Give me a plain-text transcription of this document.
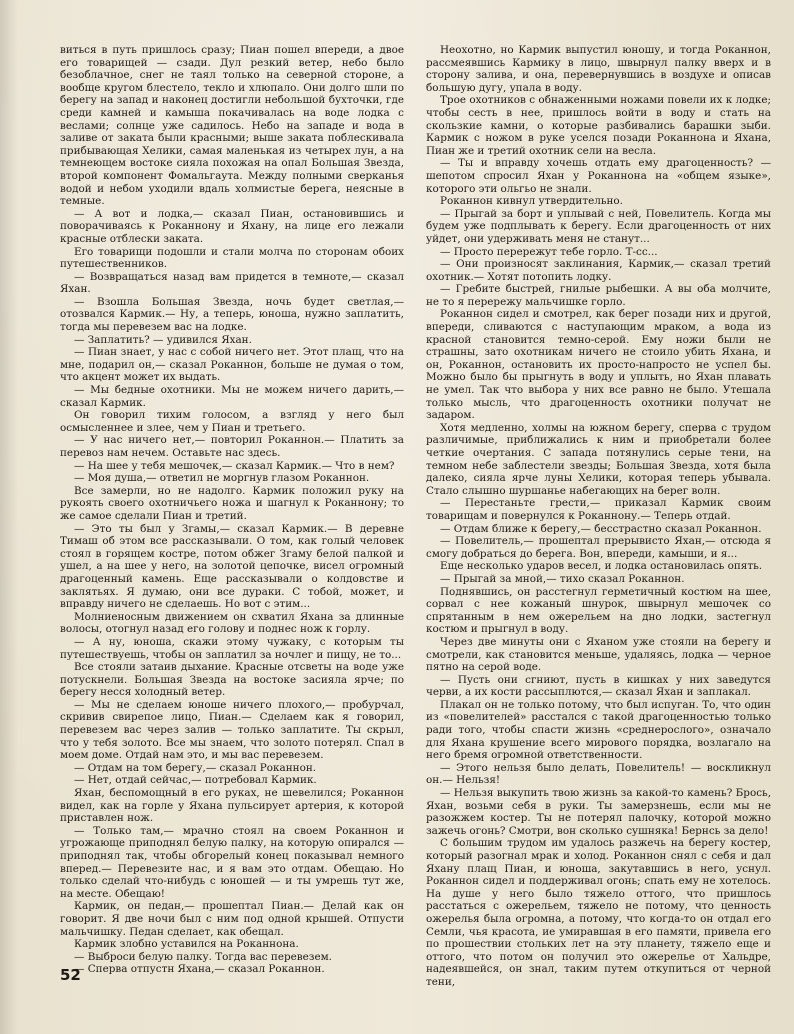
виться в путь пришлось сразу; Пиан пошел впереди, а двое его товарищей — сзади. Дул резкий ветер, небо было безоблачное, снег не таял только на северной стороне, а вообще кругом блестело, текло и хлюпало. Они долго шли по берегу на запад и наконец достигли небольшой бухточки, где среди камней и камыша покачивалась на воде лодка с веслами; солнце уже садилось. Небо на западе и вода в заливе от заката были красными; выше заката поблескивала прибывающая Хелики, самая маленькая из четырех лун, а на темнеющем востоке сияла похожая на опал Большая Звезда, второй компонент Фомальгаута. Между полными сверканья водой и небом уходили вдаль холмистые берега, неясные в темные.

— А вот и лодка,— сказал Пиан, остановившись и поворачиваясь к Роканнону и Яхану, на лице его лежали красные отблески заката.

Его товарищи подошли и стали молча по сторонам обоих путешественников.

— Возвращаться назад вам придется в темноте,— сказал Яхан.

— Взошла Большая Звезда, ночь будет светлая,— отозвался Кармик.— Ну, а теперь, юноша, нужно заплатить, тогда мы перевезем вас на лодке.

— Заплатить? — удивился Яхан.

— Пиан знает, у нас с собой ничего нет. Этот плащ, что на мне, подарил он,— сказал Роканнон, больше не думая о том, что акцент может их выдать.

— Мы бедные охотники. Мы не можем ничего дарить,— сказал Кармик.

Он говорил тихим голосом, а взгляд у него был осмысленнее и злее, чем у Пиан и третьего.

— У нас ничего нет,— повторил Роканнон.— Платить за перевоз нам нечем. Оставьте нас здесь.

— На шее у тебя мешочек,— сказал Кармик.— Что в нем?

— Моя душа,— ответил не моргнув глазом Роканнон.

Все замерли, но не надолго. Кармик положил руку на рукоять своего охотничьего ножа и шагнул к Роканнону; то же самое сделали Пиан и третий.

— Это ты был у Згамы,— сказал Кармик.— В деревне Тимаш об этом все рассказывали. О том, как голый человек стоял в горящем костре, потом обжег Згаму белой палкой и ушел, а на шее у него, на золотой цепочке, висел огромный драгоценный камень. Еще рассказывали о колдовстве и заклятьях. Я думаю, они все дураки. С тобой, может, и вправду ничего не сделаешь. Но вот с этим...

Молниеносным движением он схватил Яхана за длинные волосы, отогнул назад его голову и поднес нож к горлу.

— А ну, юноша, скажи этому чужаку, с которым ты путешествуешь, чтобы он заплатил за ночлег и пищу, не то...

Все стояли затаив дыхание. Красные отсветы на воде уже потускнели. Большая Звезда на востоке засияла ярче; по берегу несся холодный ветер.

— Мы не сделаем юноше ничего плохого,— пробурчал, скривив свирепое лицо, Пиан.— Сделаем как я говорил, перевезем вас через залив — только заплатите. Ты скрыл, что у тебя золото. Все мы знаем, что золото потерял. Спал в моем доме. Отдай нам это, и мы вас перевезем.

— Отдам на том берегу,— сказал Роканнон.

— Нет, отдай сейчас,— потребовал Кармик.

Яхан, беспомощный в его руках, не шевелился; Роканнон видел, как на горле у Яхана пульсирует артерия, к которой приставлен нож.

— Только там,— мрачно стоял на своем Роканнон и угрожающе приподнял белую палку, на которую опиралcя — приподнял так, чтобы обгорелый конец показывал немного вперед.— Перевезите нас, и я вам это отдам. Обещаю. Но только сделай что-нибудь с юношей — и ты умрешь тут же, на месте. Обещаю!

Кармик, он педан,— прошептал Пиан.— Делай как он говорит. Я две ночи был с ним под одной крышей. Отпусти мальчишку. Педан сделает, как обещал.

Кармик злобно уставился на Роканнона.

— Выброси белую палку. Тогда вас перевезем.

— Сперва отпустн Яхана,— сказал Роканнон.

Неохотно, но Кармик выпустил юношу, и тогда Роканнон, рассмеявшись Кармику в лицо, швырнул палку вверх и в сторону залива, и она, перевернувшись в воздухе и описав большую дугу, упала в воду.

Трое охотников с обнаженными ножами повели их к лодке; чтобы сесть в нее, пришлось войти в воду и стать на скользкие камни, о которые разбивались барашки зыби. Кармик с ножом в руке уселся позади Роканнона и Яхана, Пиан же и третий охотник сели на весла.

— Ты и вправду хочешь отдать ему драгоценность? — шепотом спросил Яхан у Роканнона на «общем языке», которого эти ольгьо не знали.

Роканнон кивнул утвердительно.

— Прыгай за борт и уплывай с ней, Повелитель. Когда мы будем уже подплывать к берегу. Если драгоценность от них уйдет, они удерживать меня не станут...

— Просто перережут тебе горло. Т-сс...

— Они произносят заклинания, Кармик,— сказал третий охотник.— Хотят потопить лодку.

— Гребите быстрей, гнилые рыбешки. А вы оба молчите, не то я перережу мальчишке горло.

Роканнон сидел и смотрел, как берег позади них и другой, впереди, сливаются с наступающим мраком, а вода из красной становится темно-серой. Ему ножи были не страшны, зато охотникам ничего не стоило убить Яхана, и он, Роканнон, остановить их просто-напросто не успел бы. Можно было бы прыгнуть в воду и уплыть, но Яхан плавать не умел. Так что выбора у них все равно не было. Утешала только мысль, что драгоценность охотники получат не задаром.

Хотя медленно, холмы на южном берегу, сперва с трудом различимые, приближались к ним и приобретали более четкие очертания. С запада потянулись серые тени, на темном небе заблестели звезды; Большая Звезда, хотя была далеко, сияла ярче луны Хелики, которая теперь убывала. Стало слышно шуршанье набегающих на берег волн.

— Перестаньте грести,— приказал Кармик своим товарищам и повернулся к Роканнону.— Теперь отдай.

— Отдам ближе к берегу,— бесстрастно сказал Роканнон.

— Повелитель,— прошептал прерывисто Яхан,— отсюда я смогу добраться до берега. Вон, впереди, камыши, и я...

Еще несколько ударов весел, и лодка остановилась опять.

— Прыгай за мной,— тихо сказал Роканнон.

Поднявшись, он расстегнул герметичный костюм на шее, сорвал с нее кожаный шнурок, швырнул мешочек со спрятанным в нем ожерельем на дно лодки, застегнул костюм и прыгнул в воду.

Через две минуты они с Яханом уже стояли на берегу и смотрели, как становится меньше, удаляясь, лодка — черное пятно на серой воде.

— Пусть они сгниют, пусть в кишках у них заведутся черви, а их кости рассыплются,— сказал Яхан и заплакал.

Плакал он не только потому, что был испуган. То, что один из «повелителей» расстался с такой драгоценностью только ради того, чтобы спасти жизнь «среднерослого», означало для Яхана крушение всего мирового порядка, возлагало на него бремя огромной ответственности.

— Этого нельзя было делать, Повелитель! — воскликнул он.— Нельзя!

— Нельзя выкупить твою жизнь за какой-то камень? Брось, Яхан, возьми себя в руки. Ты замерзнешь, если мы не разожжем костер. Ты не потерял палочку, которой можно зажечь огонь? Смотри, вон сколько сушняка! Бернсь за дело!

С большим трудом им удалось разжечь на берегу костер, который разогнал мрак и холод. Роканнон снял с себя и дал Яхану плащ Пиан, и юноша, закутавшись в него, уснул. Роканнон сидел и поддерживал огонь; спать ему не хотелось. На душе у него было тяжело оттого, что пришлось расстаться с ожерельем, тяжело не потому, что ценность ожерелья была огромна, а потому, что когда-то он отдал его Семли, чья красота, ие умиравшая в его памяти, привела его по прошествии стольких лет на эту планету, тяжело еще и оттого, что потом он получил это ожерелье от Хальдре, надеявшейся, он знал, таким путем откупиться от черной тени,

52
